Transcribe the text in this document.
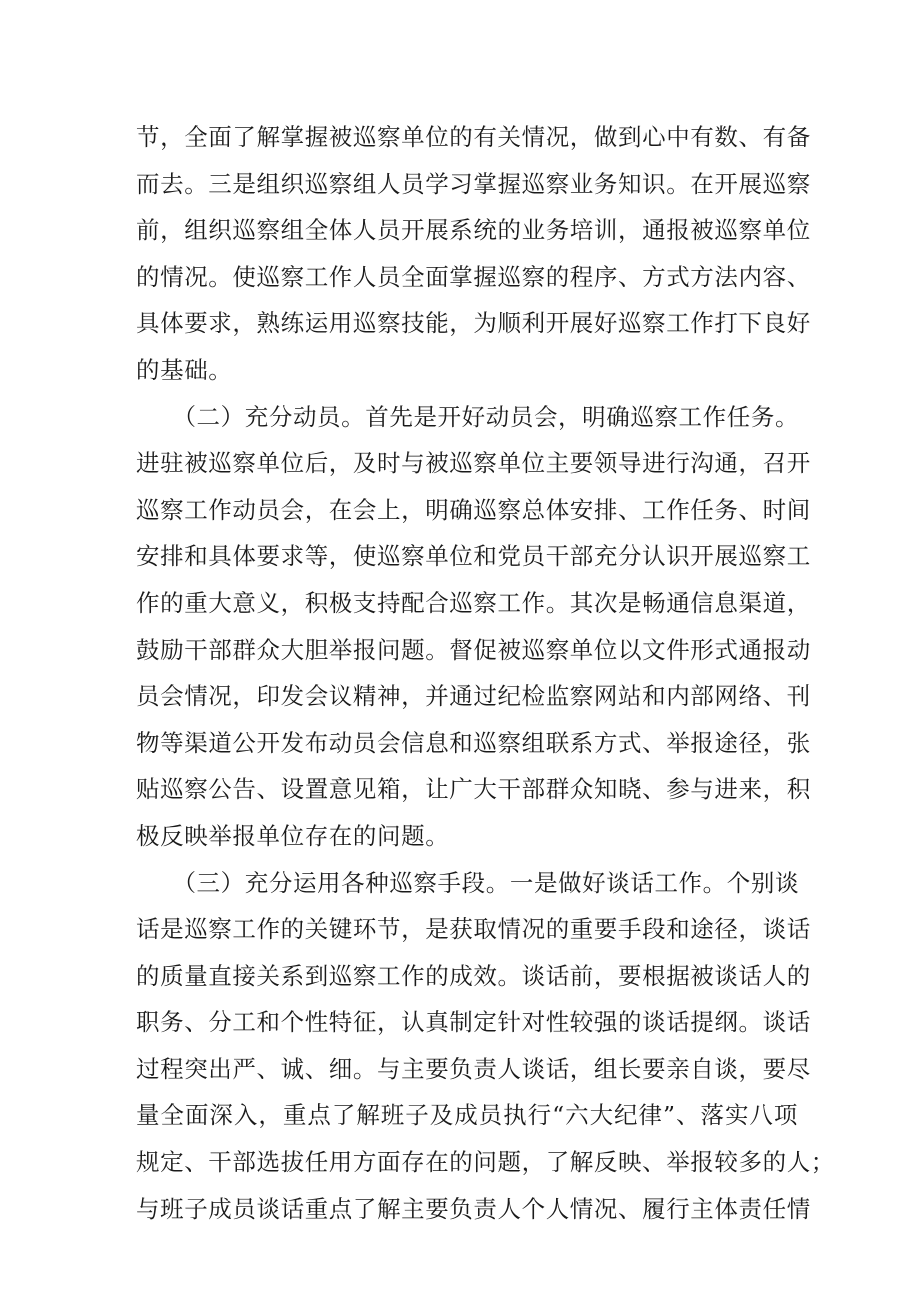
节，全面了解掌握被巡察单位的有关情况，做到心中有数、有备
而去。三是组织巡察组人员学习掌握巡察业务知识。在开展巡察
前，组织巡察组全体人员开展系统的业务培训，通报被巡察单位
的情况。使巡察工作人员全面掌握巡察的程序、方式方法内容、
具体要求，熟练运用巡察技能，为顺利开展好巡察工作打下良好
的基础。
　　（二）充分动员。首先是开好动员会，明确巡察工作任务。
进驻被巡察单位后，及时与被巡察单位主要领导进行沟通，召开
巡察工作动员会，在会上，明确巡察总体安排、工作任务、时间
安排和具体要求等，使巡察单位和党员干部充分认识开展巡察工
作的重大意义，积极支持配合巡察工作。其次是畅通信息渠道，
鼓励干部群众大胆举报问题。督促被巡察单位以文件形式通报动
员会情况，印发会议精神，并通过纪检监察网站和内部网络、刊
物等渠道公开发布动员会信息和巡察组联系方式、举报途径，张
贴巡察公告、设置意见箱，让广大干部群众知晓、参与进来，积
极反映举报单位存在的问题。
　　（三）充分运用各种巡察手段。一是做好谈话工作。个别谈
话是巡察工作的关键环节，是获取情况的重要手段和途径，谈话
的质量直接关系到巡察工作的成效。谈话前，要根据被谈话人的
职务、分工和个性特征，认真制定针对性较强的谈话提纲。谈话
过程突出严、诚、细。与主要负责人谈话，组长要亲自谈，要尽
量全面深入，重点了解班子及成员执行“六大纪律”、落实八项
规定、干部选拔任用方面存在的问题，了解反映、举报较多的人；
与班子成员谈话重点了解主要负责人个人情况、履行主体责任情
